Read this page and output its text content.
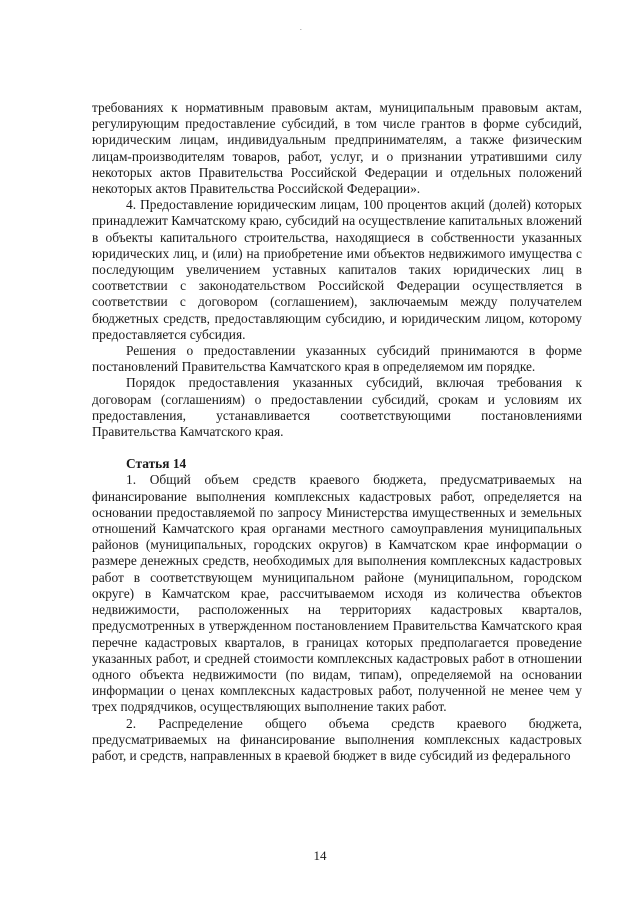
.

требованиях к нормативным правовым актам, муниципальным правовым актам, регулирующим предоставление субсидий, в том числе грантов в форме субсидий, юридическим лицам, индивидуальным предпринимателям, а также физическим лицам-производителям товаров, работ, услуг, и о признании утратившими силу некоторых актов Правительства Российской Федерации и отдельных положений некоторых актов Правительства Российской Федерации».

4. Предоставление юридическим лицам, 100 процентов акций (долей) которых принадлежит Камчатскому краю, субсидий на осуществление капитальных вложений в объекты капитального строительства, находящиеся в собственности указанных юридических лиц, и (или) на приобретение ими объектов недвижимого имущества с последующим увеличением уставных капиталов таких юридических лиц в соответствии с законодательством Российской Федерации осуществляется в соответствии с договором (соглашением), заключаемым между получателем бюджетных средств, предоставляющим субсидию, и юридическим лицом, которому предоставляется субсидия.

Решения о предоставлении указанных субсидий принимаются в форме постановлений Правительства Камчатского края в определяемом им порядке.

Порядок предоставления указанных субсидий, включая требования к договорам (соглашениям) о предоставлении субсидий, срокам и условиям их предоставления, устанавливается соответствующими постановлениями Правительства Камчатского края.

Статья 14

1. Общий объем средств краевого бюджета, предусматриваемых на финансирование выполнения комплексных кадастровых работ, определяется на основании предоставляемой по запросу Министерства имущественных и земельных отношений Камчатского края органами местного самоуправления муниципальных районов (муниципальных, городских округов) в Камчатском крае информации о размере денежных средств, необходимых для выполнения комплексных кадастровых работ в соответствующем муниципальном районе (муниципальном, городском округе) в Камчатском крае, рассчитываемом исходя из количества объектов недвижимости, расположенных на территориях кадастровых кварталов, предусмотренных в утвержденном постановлением Правительства Камчатского края перечне кадастровых кварталов, в границах которых предполагается проведение указанных работ, и средней стоимости комплексных кадастровых работ в отношении одного объекта недвижимости (по видам, типам), определяемой на основании информации о ценах комплексных кадастровых работ, полученной не менее чем у трех подрядчиков, осуществляющих выполнение таких работ.

2. Распределение общего объема средств краевого бюджета, предусматриваемых на финансирование выполнения комплексных кадастровых работ, и средств, направленных в краевой бюджет в виде субсидий из федерального

14
